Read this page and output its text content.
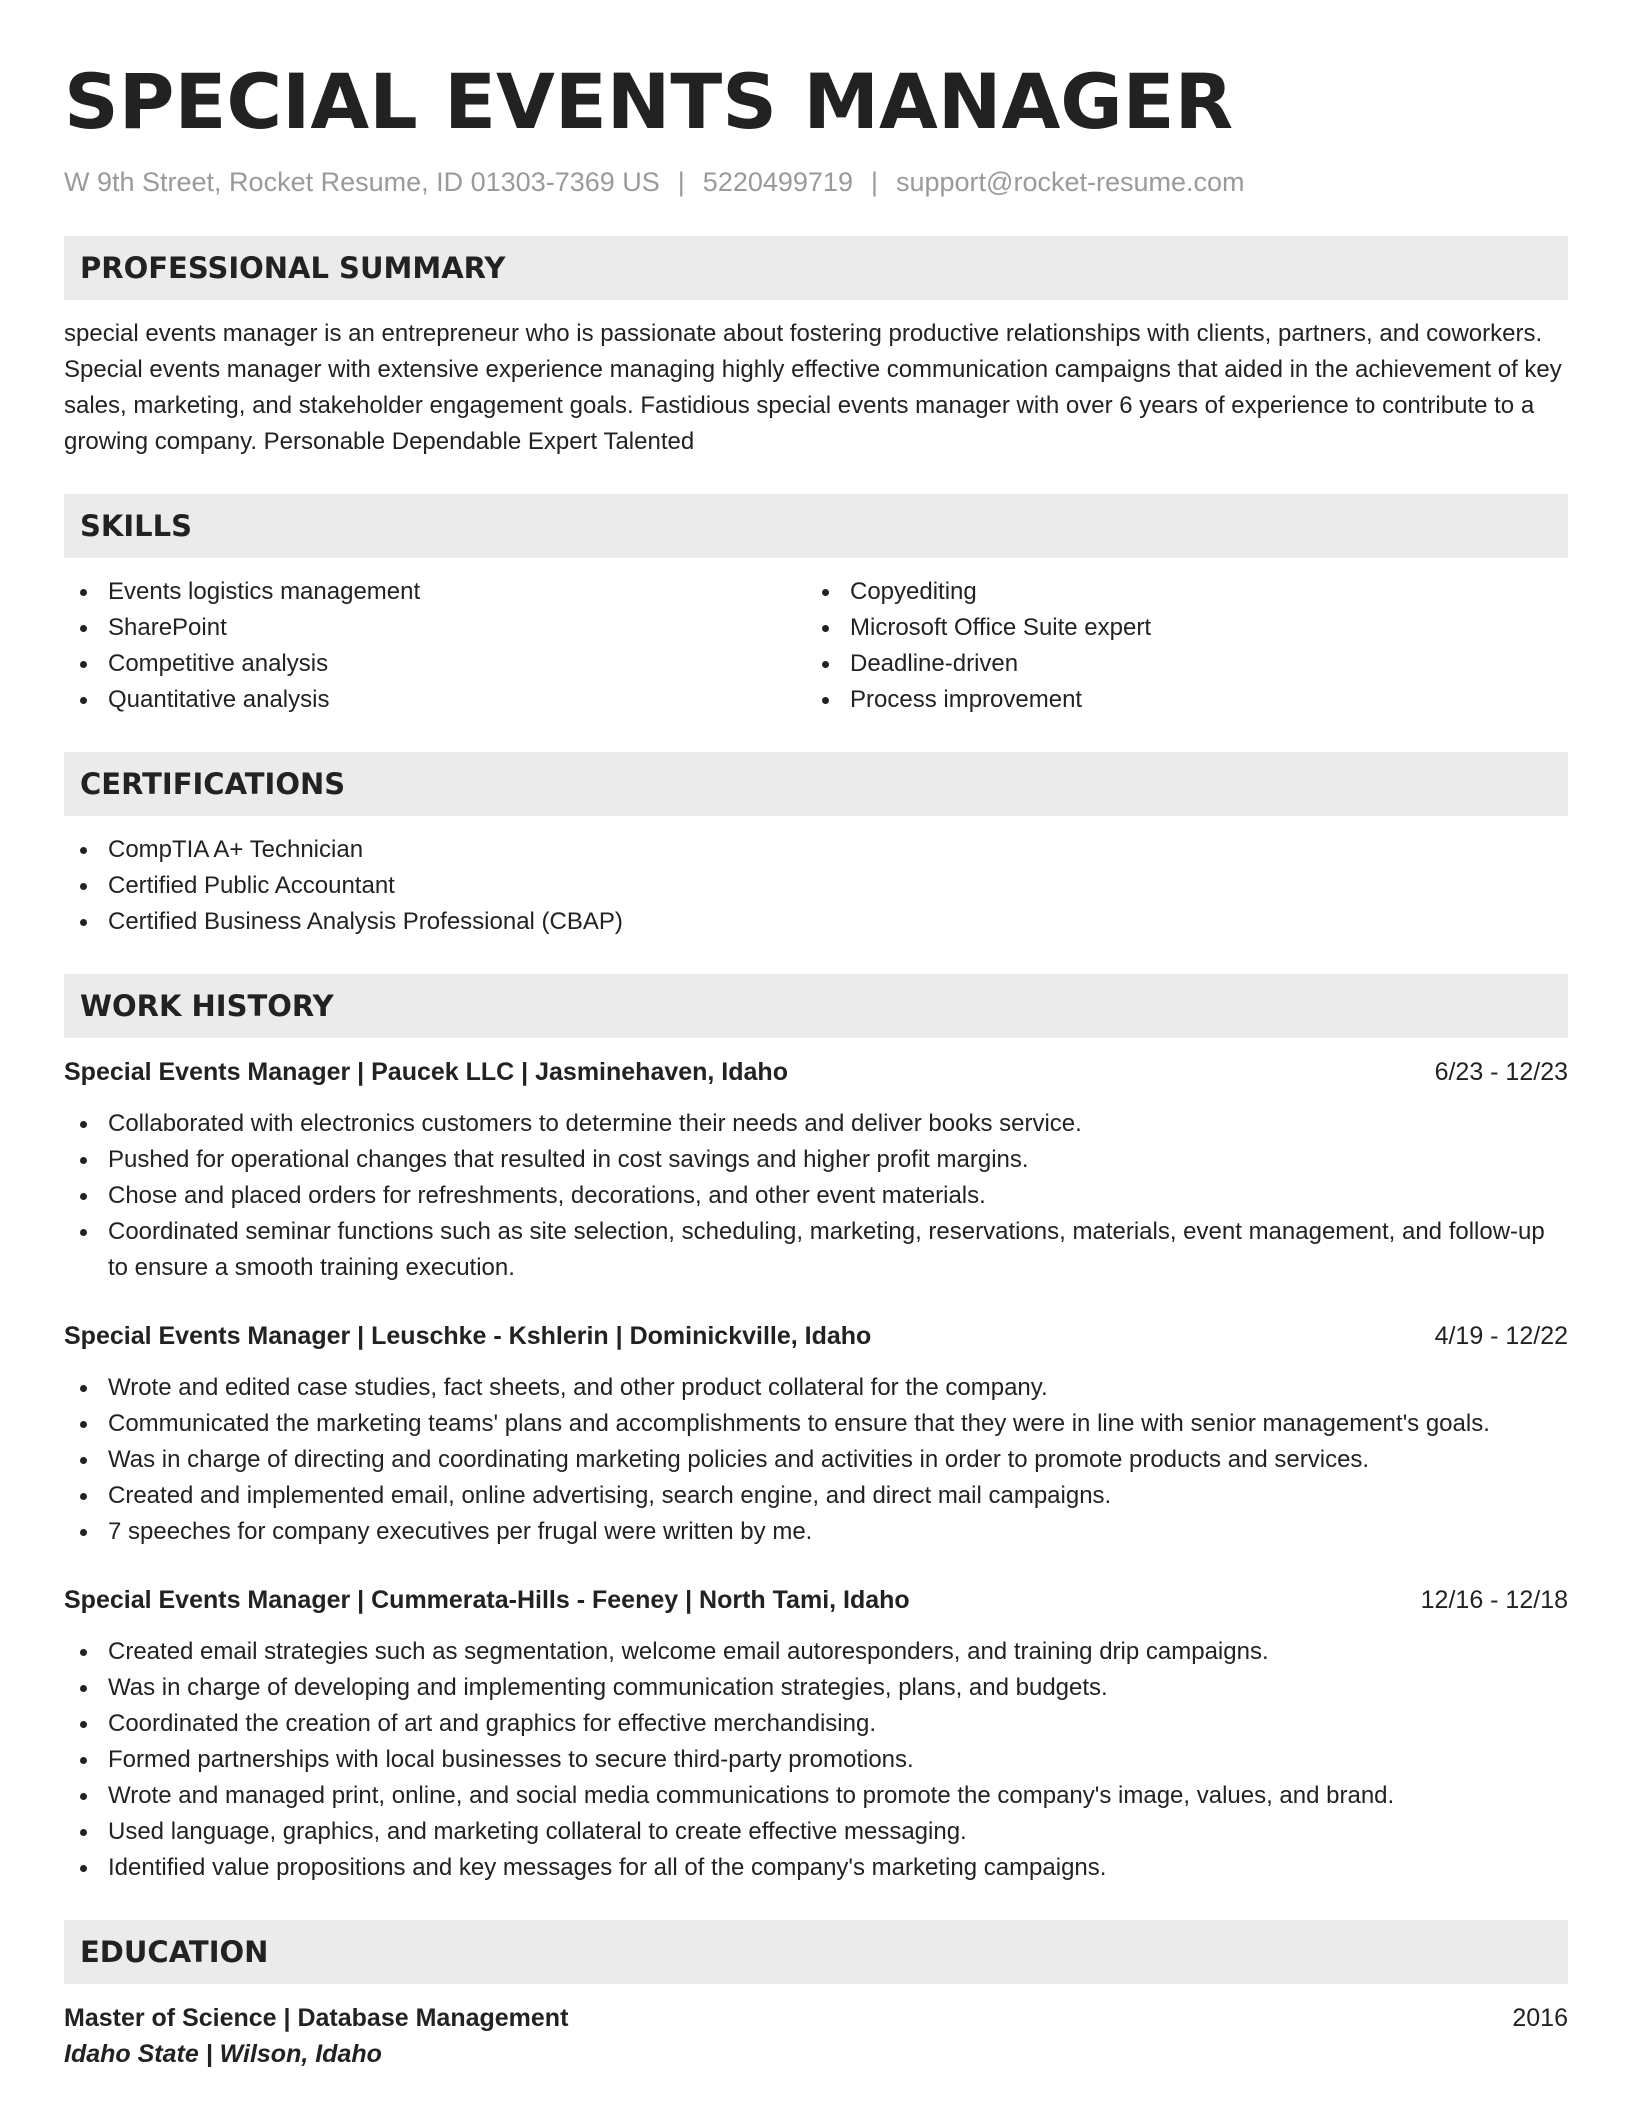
SPECIAL EVENTS MANAGER
W 9th Street, Rocket Resume, ID 01303-7369 US | 5220499719 | support@rocket-resume.com
PROFESSIONAL SUMMARY

special events manager is an entrepreneur who is passionate about fostering productive relationships with clients, partners, and coworkers. Special events manager with extensive experience managing highly effective communication campaigns that aided in the achievement of key sales, marketing, and stakeholder engagement goals. Fastidious special events manager with over 6 years of experience to contribute to a growing company. Personable Dependable Expert Talented

SKILLS
Events logistics management
SharePoint
Competitive analysis
Quantitative analysis
Copyediting
Microsoft Office Suite expert
Deadline-driven
Process improvement
CERTIFICATIONS
CompTIA A+ Technician
Certified Public Accountant
Certified Business Analysis Professional (CBAP)
WORK HISTORY
Special Events Manager | Paucek LLC | Jasminehaven, Idaho	6/23 - 12/23
Collaborated with electronics customers to determine their needs and deliver books service.
Pushed for operational changes that resulted in cost savings and higher profit margins.
Chose and placed orders for refreshments, decorations, and other event materials.
Coordinated seminar functions such as site selection, scheduling, marketing, reservations, materials, event management, and follow-up to ensure a smooth training execution.
Special Events Manager | Leuschke - Kshlerin | Dominickville, Idaho	4/19 - 12/22
Wrote and edited case studies, fact sheets, and other product collateral for the company.
Communicated the marketing teams' plans and accomplishments to ensure that they were in line with senior management's goals.
Was in charge of directing and coordinating marketing policies and activities in order to promote products and services.
Created and implemented email, online advertising, search engine, and direct mail campaigns.
7 speeches for company executives per frugal were written by me.
Special Events Manager | Cummerata-Hills - Feeney | North Tami, Idaho	12/16 - 12/18
Created email strategies such as segmentation, welcome email autoresponders, and training drip campaigns.
Was in charge of developing and implementing communication strategies, plans, and budgets.
Coordinated the creation of art and graphics for effective merchandising.
Formed partnerships with local businesses to secure third-party promotions.
Wrote and managed print, online, and social media communications to promote the company's image, values, and brand.
Used language, graphics, and marketing collateral to create effective messaging.
Identified value propositions and key messages for all of the company's marketing campaigns.
EDUCATION
Master of Science | Database Management	2016
Idaho State | Wilson, Idaho
